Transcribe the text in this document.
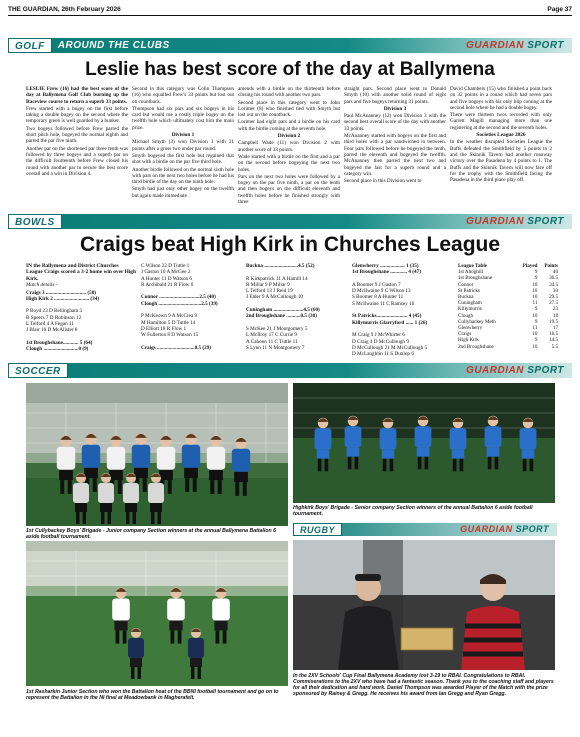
THE GUARDIAN, 26th February 2026	Page 37
GOLF	AROUND THE CLUBS	GUARDIAN SPORT
Leslie has best score of the day at Ballymena

LESLIE Frew (16) had the best score of the day at Ballymena Golf Club burning up the Raceview course to return a superb 33 points.

Frew started with a bogey on the first before taking a double bogey on the second where the temporary green is well guarded by a bunker.

Two bogeys followed before Frew parred the short pitch hole, bogeyed the normal eighth and parred the par five ninth.

Another par on the shortened par three tenth was followed by three bogeys and a superb par on the difficult fourteenth before Frew closed his round with another par to secure the best score overall and a win in Division 4.

Second in this category was Colin Thompson (16) who equalled Frew's 33 points but lost out on countback.

Thompson had six pars and six bogeys in his card but would rue a costly triple bogey on the twelfth hole which ultimately cost him the main prize.

Division 1

Michael Smyth (3) won Division 1 with 31 points after a gross two under par round.

Smyth bogeyed the first hole but regained that shot with a birdie on the par five third hole.

Another birdie followed on the normal sixth hole with pars on the next two holes before he had his third birdie of the day on the ninth hole.

Smyth had just only other bogey on the twelfth but again made immediate

amends with a birdie on the thirteenth before closing his round with another two pars.

Second place in this category went to John Lorimer (8) who finished tied with Smyth but lost out on the countback.

Lorimer had eight pars and a birdie on his card with the birdie coming at the seventh hole.

Division 2

Campbell Wade (11) won Division 2 with another score of 33 points.

Wade started with a birdie on the first and a par on the second before bogeying the next two holes.

Pars on the next two holes were followed by a bogey on the par five ninth, a par on the tenth and then bogeys on the difficult eleventh and twelfth holes before he finished strongly with three

straight pars. Second place went to Donald Smyth (10) with another solid round of eight pars and five bogeys returning 31 points.

Division 3

Paul McAnanney (12) won Division 3 with the second best overall score of the day with another 33 points.

McAnanney started with bogeys on the first and third holes with a par sandwiched in between. Four pars followed before he bogeyed the tenth, parred the eleventh and bogeyed the twelfth. McAnanney then parred the next two and bogeyed the last for a superb round and a category win.

Second place in this Division went to

David Chambers (15) who finished a point back on 32 points in a round which had seven pars and five bogeys with his only blip coming at the second hole where he had a double bogey.

There were thirteen twos recorded with only Garrett Magill managing more than one registering at the second and the seventh holes.

Societies League 2026

In the weather disrupted Societies League the Buffs defeated the Smithfield by 5 points to 2 and the Skinnik Tavern had another runaway victory over the Pasadena by 4 points to 1. The Buffs and the Skinnik Tavern will now face off for the trophy with the Smithfield facing the Pasadena in the third place play off.

BOWLS	GUARDIAN SPORT
Craigs beat High Kirk in Churches League
IN the Ballymena and District Churches League Craigs scored a 3-2 home win over High Kirk.
Match details -
Craigs 3 ............................... (50)
High Kirk 2 ........................... (34)

P Boyd 23 D Bellingham 3
B Speers 7 D Robinson 12
L Telford 4 A Fegan 11
J Blair 16 D McAlister 8

1st Broughshane............ 5 (64)
Clough ...........................0 (9)
C Wilson 22 D Tuttle 1
J Gaston 10 A McGee 2
A Hunter 11 D Watson 6
R Archibald 21 R Flow 0

Connor ...............................2.5 (40)
Clough .................................2.5 (39)

P McKeown 9 A McCrea 9
M Hamilton 5 D Tuttle 14
D Elliott 18 R Flow 1
W Fullerton 8 D Watson 15

Craigs .............................0.5 (29)
Buckna ..........................4.5 (52)

R Kirkpatrick 11 A Hamill 14
R Millar 9 P Millar 9
L Telford 13 J Reid 19
J Elder 9 A McCullough 10

Cuningham .......................4.5 (60)
2nd Broughshane ...........0.5 (30)

S McKee 21 J Montgomery 5
L McIlroy 17 C Currie 9
A Cahoon 11 C Tuttle 11
S Lynn 11 N Montgomery 7
Glenwherry ................... 1 (35)
1st Broughshane ............. 4 (47)

A Boomer 9 J Gaston 7
D McIlwaine 9 C Wilson 13
S Boomer 8 A Hunter 11
S McIlwaine 11 C Ramsey 16

St Patricks........................ 4 (45)
Killymurris Glarryford ...... 1 (26)

M Craig 9 J McWhirter 6
D Craig 4 D McCullough 9
D McCullough 21 M McCullough 5
D McLaughlin 11 S Dunlop 6
League Table	Played	Points
1st Ahoghill	9	40
1st Broughshane	9	36.5
Connor	10	34.5
St Patricks	10	30
Buckna	10	29.5
Cuningham	11	27.5
Killymurris	9	23
Clough	10	18
Cullybackey Meth	9	19.5
Glenwherry	11	17
Craigs	10	16.5
High Kirk	9	14.5
2nd Broughshane	10	5.5
SOCCER	GUARDIAN SPORT
1st Cullybackey Boys' Brigade - Junior company Section winners at the annual Ballymena Battalion 6 aside football tournament.
Highkirk Boys' Brigade - Senior company Section winners of the annual Battalion 6 aside football tournament.
RUGBY	GUARDIAN SPORT
1st Rasharkin Junior Section who won the Battalion heat of the BBNI football tournament and go on to represent the Battalion in the NI final at Meadowbank in Magherafelt.
In the 2XV Schools' Cup Final Ballymena Academy lost 3-19 to RBAI. Congratulations to RBAI. Commiserations to the 2XV who have had a fantastic season. Thank you to the coaching staff and players for all their dedication and hard work. Daniel Thompson was awarded Player of the Match with the prize sponsored by Rainey & Gregg. He receives his award from Ian Gregg and Ryan Gregg.
